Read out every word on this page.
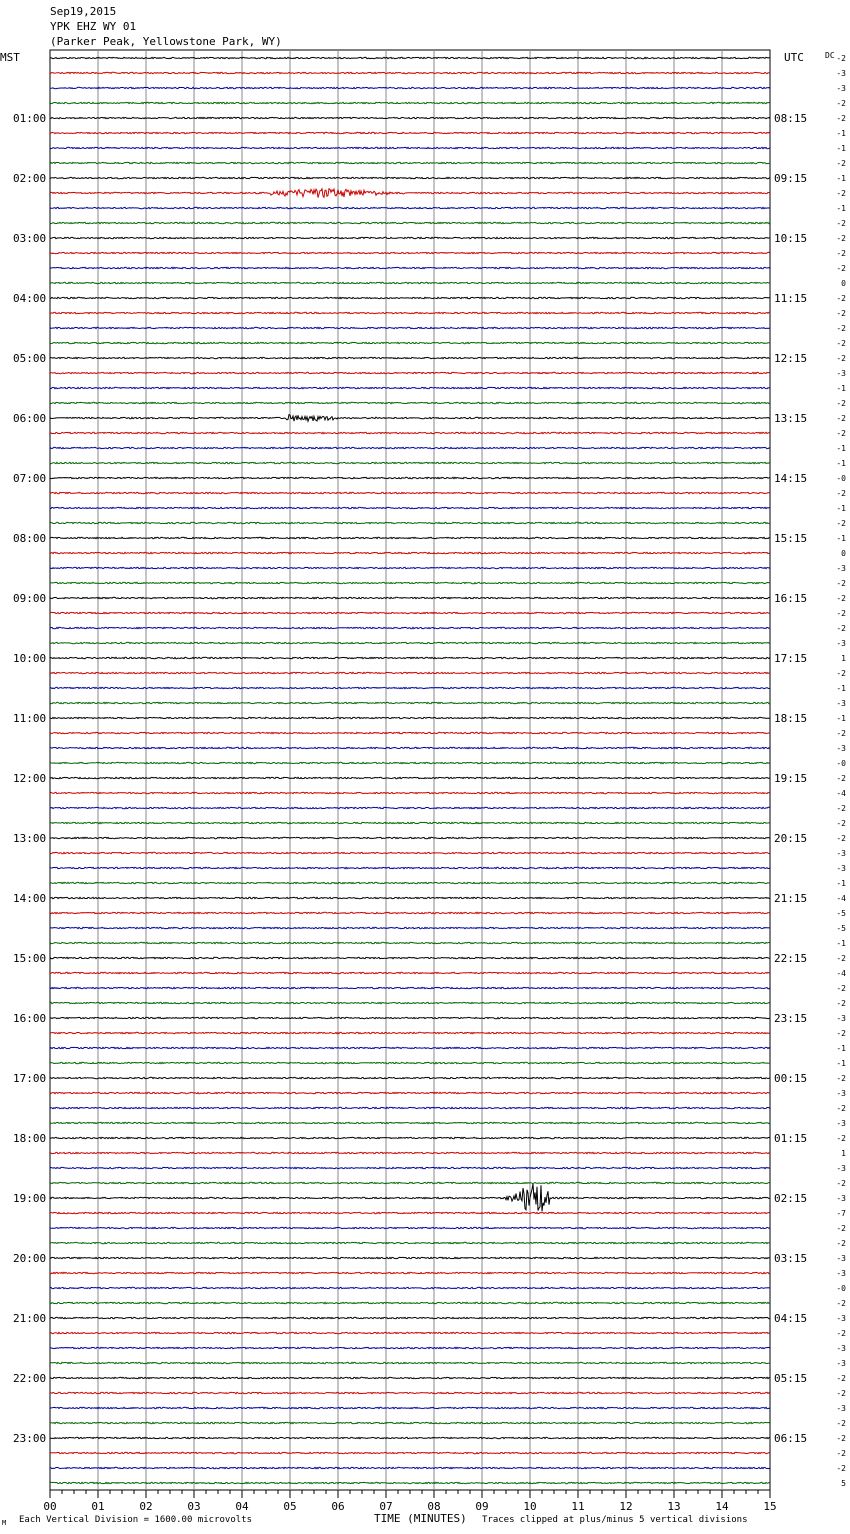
Sep19,2015
YPK EHZ WY 01
(Parker Peak, Yellowstone Park, WY)
-2
-3
-3
-2
-2
-1
-1
-2
-1
-2
-1
-2
-2
-2
-2
0
-2
-2
-2
-2
-2
-3
-1
-2
-2
-2
-1
-1
-0
-2
-1
-2
-1
0
-3
-2
-2
-2
-2
-3
1
-2
-1
-3
-1
-2
-3
-0
-2
-4
-2
-2
-2
-3
-3
-1
-4
-5
-5
-1
-2
-4
-2
-2
-3
-2
-1
-1
-2
-3
-2
-3
-2
1
-3
-2
-3
-7
-2
-2
-3
-3
-0
-2
-3
-2
-3
-3
-2
-2
-3
-2
-2
-2
-2
5
MST	UTC	DC
01:00
02:00
03:00
04:00
05:00
06:00
07:00
08:00
09:00
10:00
11:00
12:00
13:00
14:00
15:00
16:00
17:00
18:00
19:00
20:00
21:00
22:00
23:00
08:15
09:15
10:15
11:15
12:15
13:15
14:15
15:15
16:15
17:15
18:15
19:15
20:15
21:15
22:15
23:15
00:15
01:15
02:15
03:15
04:15
05:15
06:15
00	01	02	03	04	05	06	07	08	09	10	11	12	13	14	15
Each Vertical Division = 1600.00 microvolts	TIME (MINUTES) Traces clipped at plus/minus 5 vertical divisions
M
